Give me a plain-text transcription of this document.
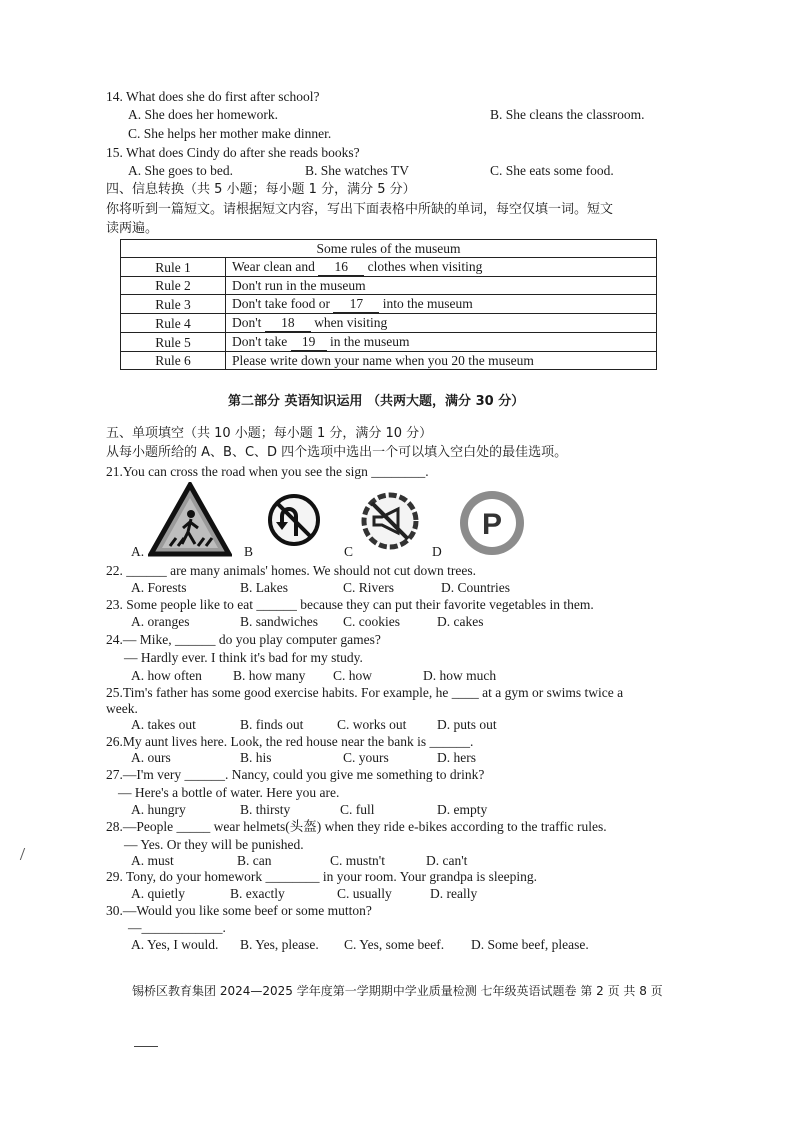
14. What does she do first after school?
A. She does her homework.	B. She cleans the classroom.
C. She helps her mother make dinner.
15. What does Cindy do after she reads books?
A. She goes to bed.	B. She watches TV	C. She eats some food.
四、信息转换（共 5 小题；每小题 1 分，满分 5 分）
你将听到一篇短文。请根据短文内容，写出下面表格中所缺的单词，每空仅填一词。短文
读两遍。
Some rules of the museum	
Rule 1	Wear clean and 16 clothes when visiting
Rule 2	Don't run in the museum
Rule 3	Don't take food or 17 into the museum
Rule 4	Don't 18 when visiting
Rule 5	Don't take 19 in the museum
Rule 6	Please write down your name when you 20 the museum
第二部分 英语知识运用 （共两大题，满分 30 分）
五、单项填空（共 10 小题；每小题 1 分，满分 10 分）
从每小题所给的 A、B、C、D 四个选项中选出一个可以填入空白处的最佳选项。
21.You can cross the road when you see the sign ________.
A.	B	C	D
P
22. ______ are many animals' homes. We should not cut down trees.
A. Forests	B. Lakes	C. Rivers	D. Countries
23. Some people like to eat ______ because they can put their favorite vegetables in them.
A. oranges	B. sandwiches C. cookies	D. cakes
24.— Mike, ______ do you play computer games?
— Hardly ever. I think it's bad for my study.
A. how often B. how many C. how	D. how much
25.Tim's father has some good exercise habits. For example, he ____ at a gym or swims twice a
week.
A. takes out	B. finds out C. works out D. puts out
26.My aunt lives here. Look, the red house near the bank is ______.
A. ours	B. his	C. yours	D. hers
27.—I'm very ______. Nancy, could you give me something to drink?
— Here's a bottle of water. Here you are.
A. hungry	B. thirsty	C. full	D. empty
28.—People _____ wear helmets(头盔) when they ride e-bikes according to the traffic rules.
— Yes. Or they will be punished.
A. must	B. can	C. mustn't	D. can't
29. Tony, do your homework ________ in your room. Your grandpa is sleeping.
A. quietly	B. exactly	C. usually	D. really
30.—Would you like some beef or some mutton?
—____________.
A. Yes, I would. B. Yes, please. C. Yes, some beef. D. Some beef, please.
锡桥区教育集团 2024—2025 学年度第一学期期中学业质量检测 七年级英语试题卷 第 2 页 共 8 页
